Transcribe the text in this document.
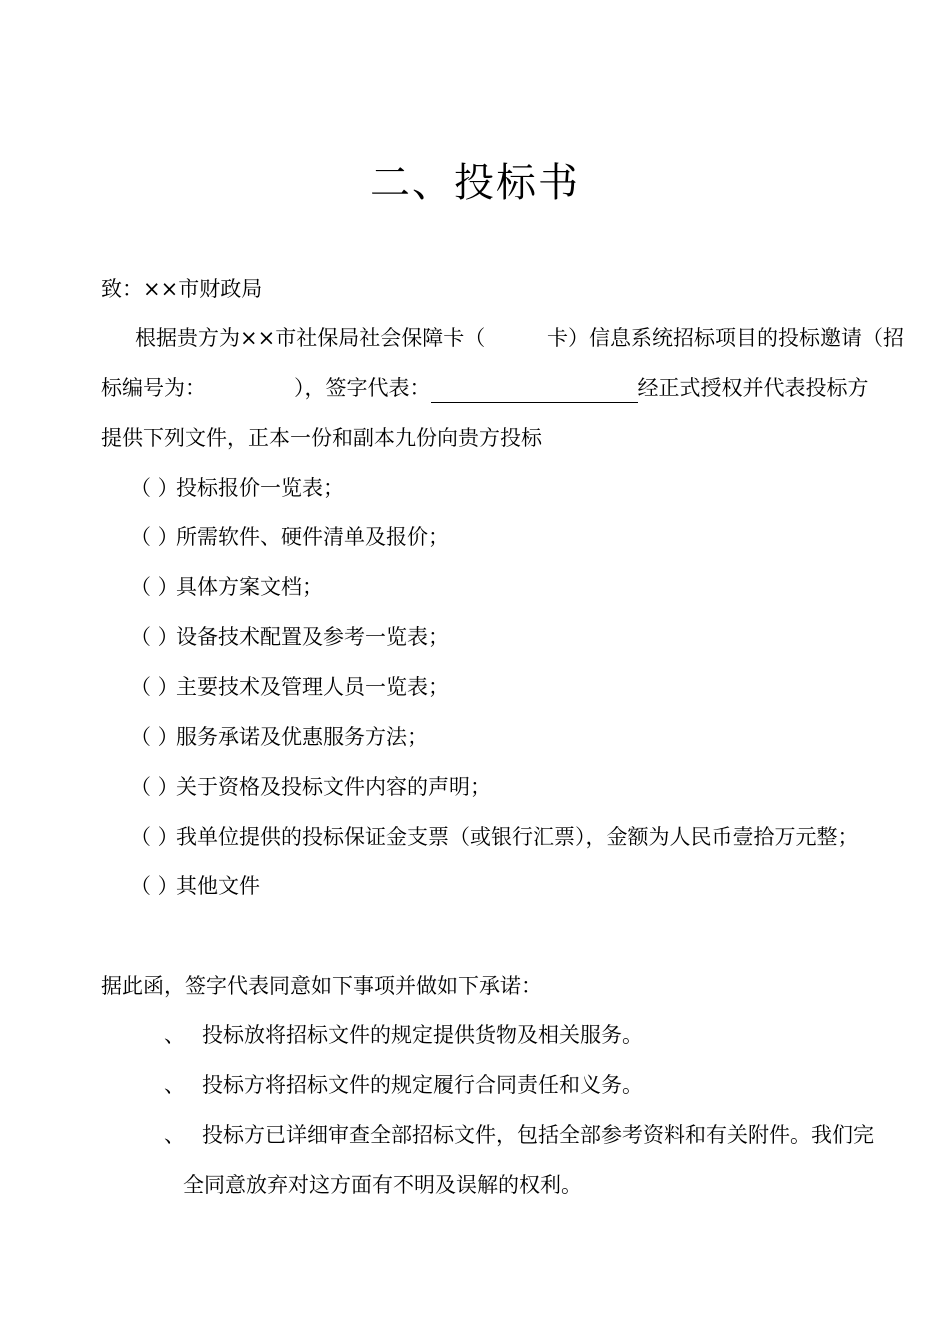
二、投标书
致：××市财政局
根据贵方为××市社保局社会保障卡（	卡）信息系统招标项目的投标邀请（招
标编号为：	），签字代表：	经正式授权并代表投标方
提供下列文件，正本一份和副本九份向贵方投标
（ ）投标报价一览表；
（ ）所需软件、硬件清单及报价；
（ ）具体方案文档；
（ ）设备技术配置及参考一览表；
（ ）主要技术及管理人员一览表；
（ ）服务承诺及优惠服务方法；
（ ）关于资格及投标文件内容的声明；
（ ）我单位提供的投标保证金支票（或银行汇票），金额为人民币壹拾万元整；
（ ）其他文件
据此函，签字代表同意如下事项并做如下承诺：
、 投标放将招标文件的规定提供货物及相关服务。
、 投标方将招标文件的规定履行合同责任和义务。
、 投标方已详细审查全部招标文件，包括全部参考资料和有关附件。我们完
全同意放弃对这方面有不明及误解的权利。
